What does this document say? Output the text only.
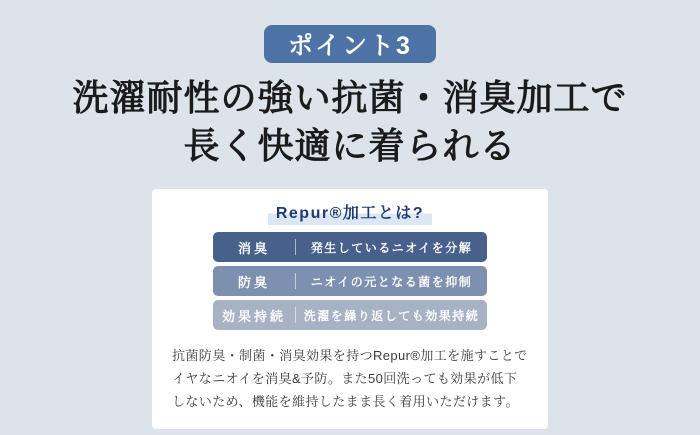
ポイント3
洗濯耐性の強い抗菌・消臭加工で
長く快適に着られる
Repur®加工とは?
消臭	発生しているニオイを分解
防臭	ニオイの元となる菌を抑制
効果持続	洗濯を繰り返しても効果持続

抗菌防臭・制菌・消臭効果を持つRepur®加工を施すことでイヤなニオイを消臭&予防。また50回洗っても効果が低下しないため、機能を維持したまま長く着用いただけます。
